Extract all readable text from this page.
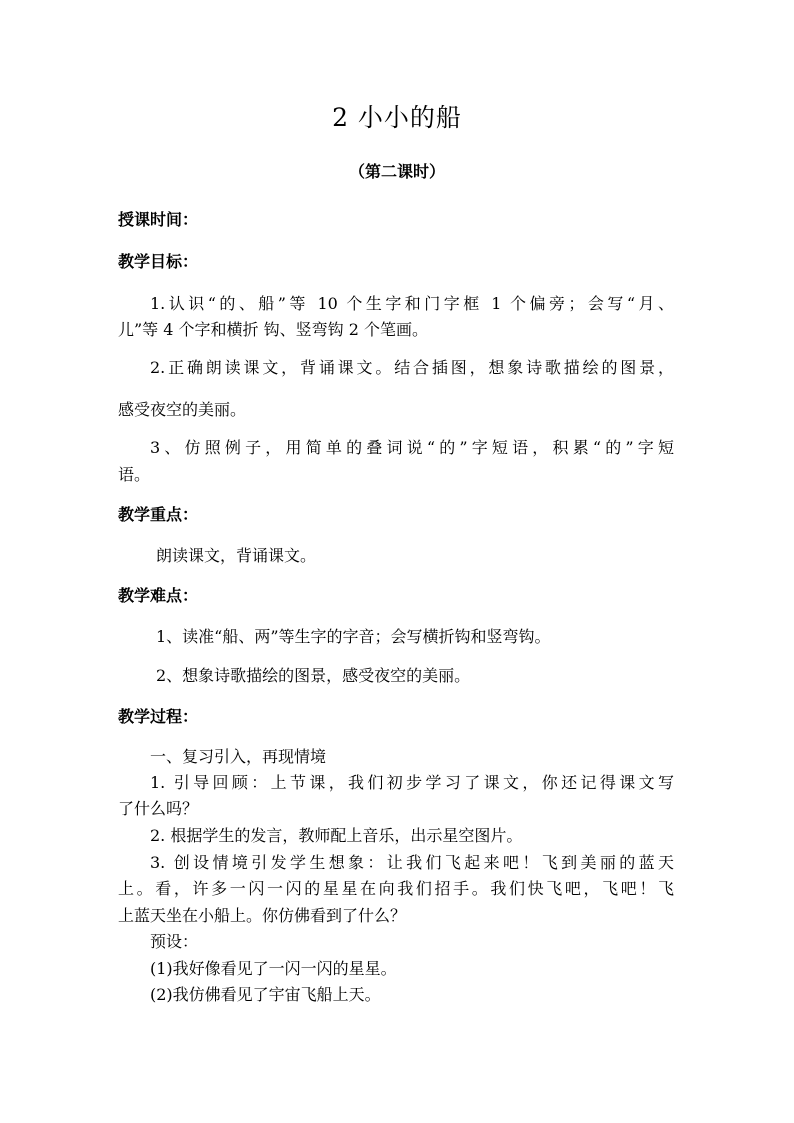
2 小小的船
（第二课时）
授课时间：
教学目标：
1.认识“的、船”等 10 个生字和门字框 1 个偏旁；会写“月、
儿”等 4 个字和横折 钩、竖弯钩 2 个笔画。
2.正确朗读课文，背诵课文。结合插图，想象诗歌描绘的图景，
感受夜空的美丽。
3、仿照例子，用简单的叠词说“的”字短语，积累“的”字短
语。
教学重点：
朗读课文，背诵课文。
教学难点：
1、读准“船、两”等生字的字音；会写横折钩和竖弯钩。
2、想象诗歌描绘的图景，感受夜空的美丽。
教学过程：
一、复习引入，再现情境
1. 引导回顾：上节课，我们初步学习了课文，你还记得课文写
了什么吗？
2. 根据学生的发言，教师配上音乐，出示星空图片。
3. 创设情境引发学生想象：让我们飞起来吧！飞到美丽的蓝天
上。看，许多一闪一闪的星星在向我们招手。我们快飞吧，飞吧！飞
上蓝天坐在小船上。你仿佛看到了什么？
预设：
(1)我好像看见了一闪一闪的星星。
(2)我仿佛看见了宇宙飞船上天。
